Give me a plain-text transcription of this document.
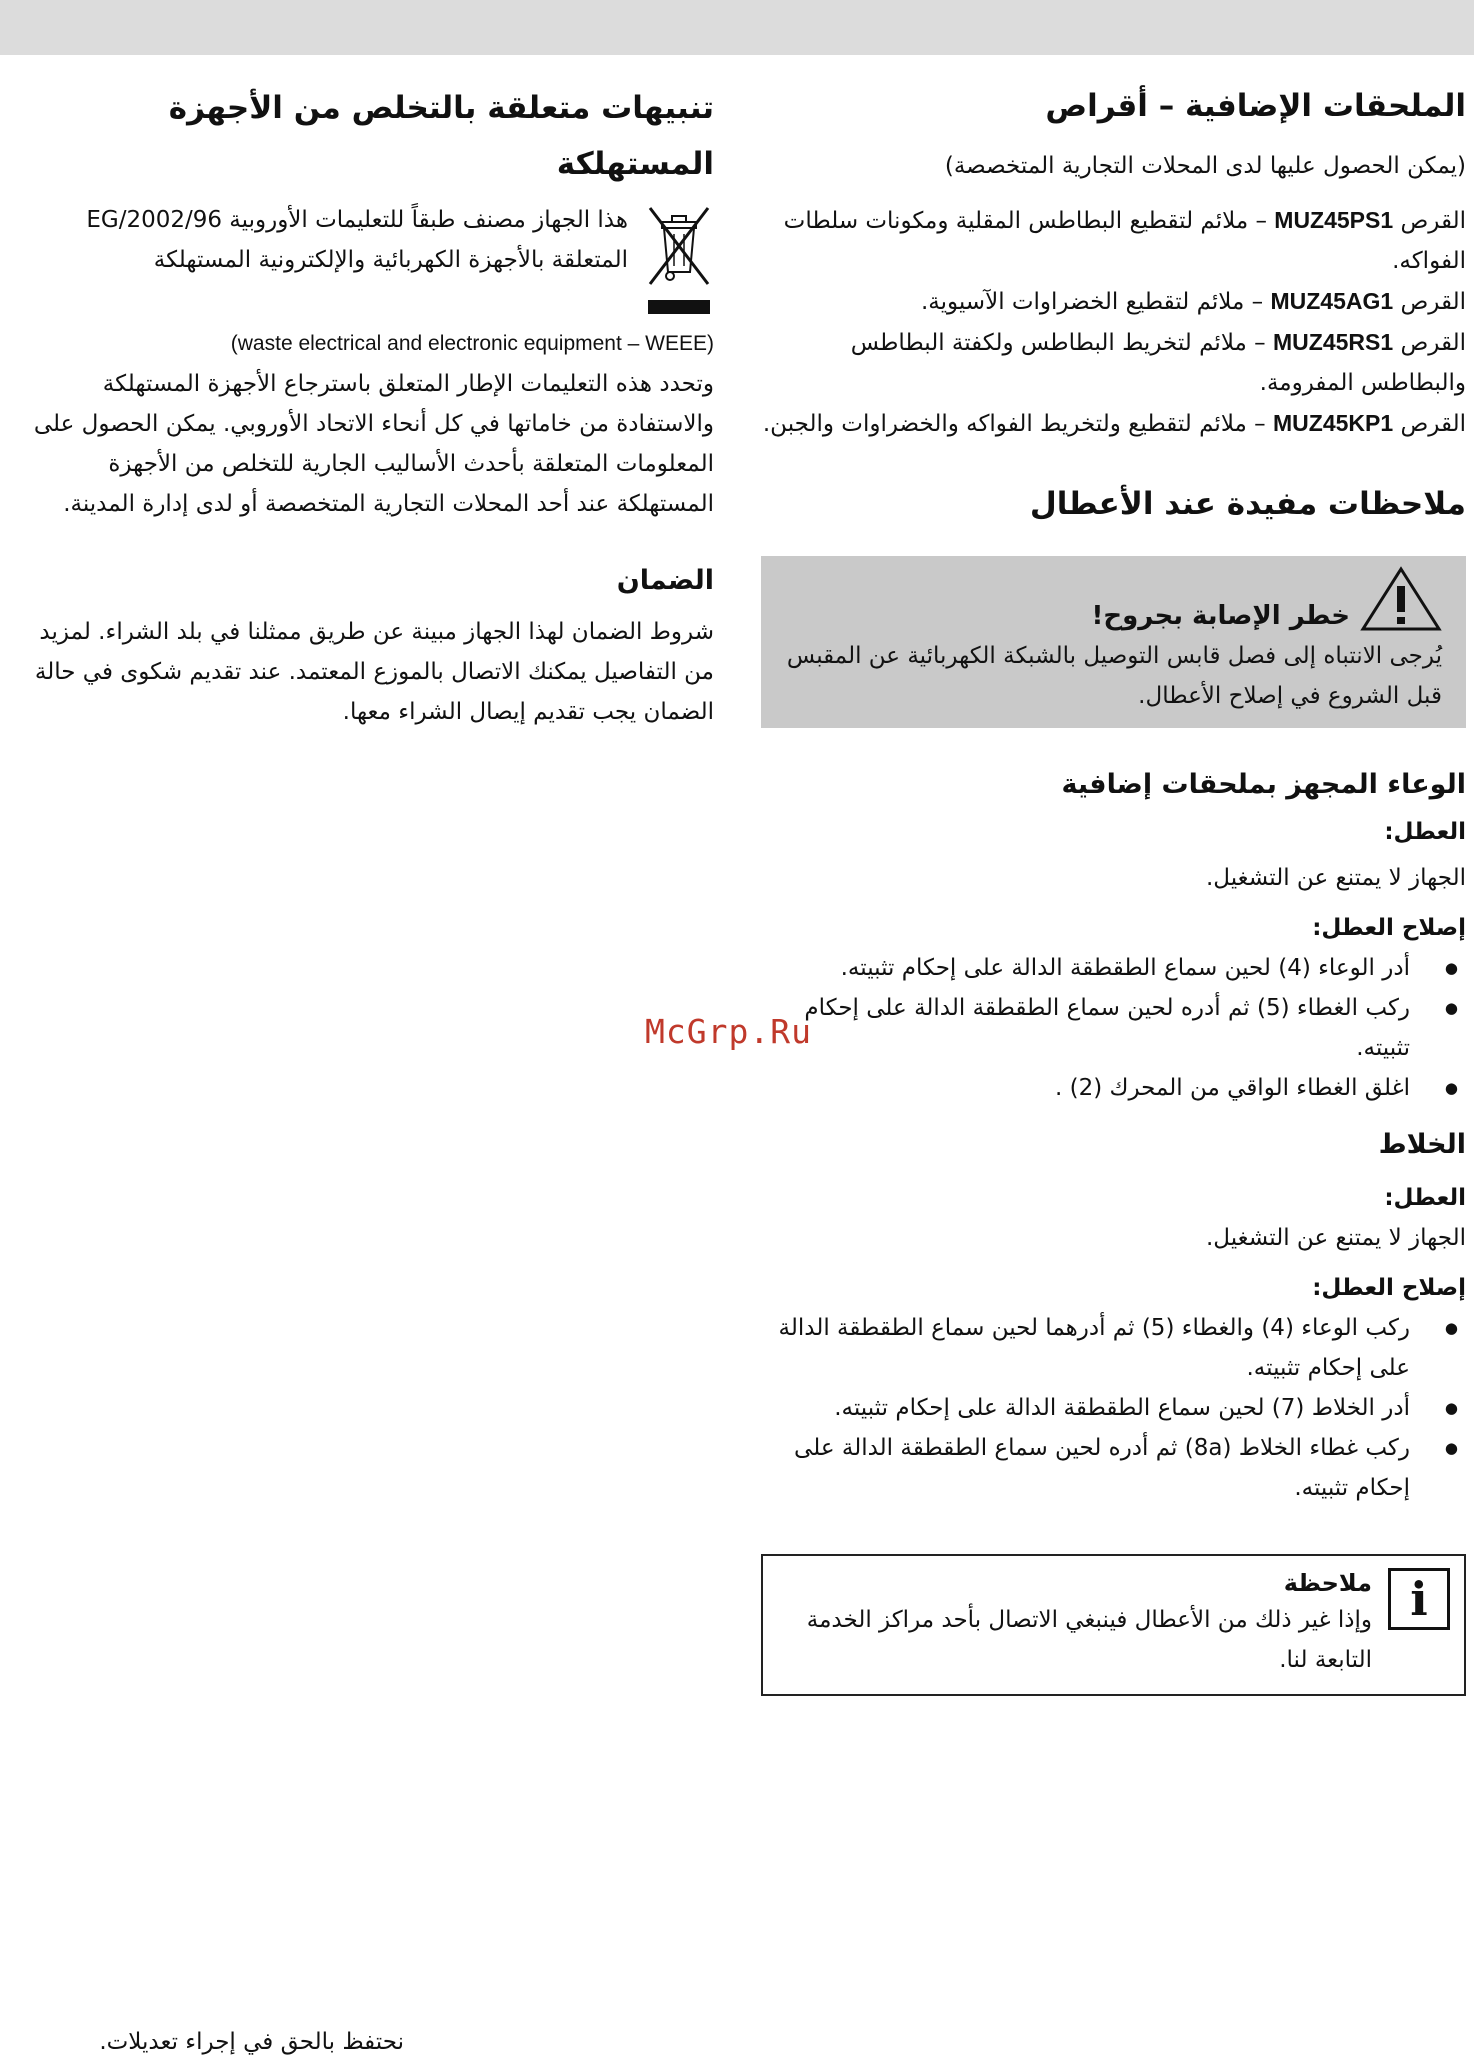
الملحقات الإضافية – أقراص

(يمكن الحصول عليها لدى المحلات التجارية المتخصصة)

القرص MUZ45PS1 – ملائم لتقطيع البطاطس المقلية ومكونات سلطات الفواكه.

القرص MUZ45AG1 – ملائم لتقطيع الخضراوات الآسيوية.

القرص MUZ45RS1 – ملائم لتخريط البطاطس ولكفتة البطاطس والبطاطس المفرومة.

القرص MUZ45KP1 – ملائم لتقطيع ولتخريط الفواكه والخضراوات والجبن.

ملاحظات مفيدة عند الأعطال
خطر الإصابة بجروح!

يُرجى الانتباه إلى فصل قابس التوصيل بالشبكة الكهربائية عن المقبس قبل الشروع في إصلاح الأعطال.

الوعاء المجهز بملحقات إضافية

العطل:

الجهاز لا يمتنع عن التشغيل.

إصلاح العطل:

● أدر الوعاء (4) لحين سماع الطقطقة الدالة على إحكام تثبيته.
● ركب الغطاء (5) ثم أدره لحين سماع الطقطقة الدالة على إحكام تثبيته.
● اغلق الغطاء الواقي من المحرك (2) .
الخلاط

العطل:

الجهاز لا يمتنع عن التشغيل.

إصلاح العطل:

● ركب الوعاء (4) والغطاء (5) ثم أدرهما لحين سماع الطقطقة الدالة على إحكام تثبيته.
● أدر الخلاط (7) لحين سماع الطقطقة الدالة على إحكام تثبيته.
● ركب غطاء الخلاط (8a) ثم أدره لحين سماع الطقطقة الدالة على إحكام تثبيته.
i
ملاحظة

وإذا غير ذلك من الأعطال فينبغي الاتصال بأحد مراكز الخدمة التابعة لنا.

تنبيهات متعلقة بالتخلص من الأجهزة المستهلكة

هذا الجهاز مصنف طبقاً للتعليمات الأوروبية 2002/96/EG المتعلقة بالأجهزة الكهربائية والإلكترونية المستهلكة

(waste electrical and electronic equipment – WEEE)

وتحدد هذه التعليمات الإطار المتعلق باسترجاع الأجهزة المستهلكة والاستفادة من خاماتها في كل أنحاء الاتحاد الأوروبي. يمكن الحصول على المعلومات المتعلقة بأحدث الأساليب الجارية للتخلص من الأجهزة المستهلكة عند أحد المحلات التجارية المتخصصة أو لدى إدارة المدينة.

الضمان

شروط الضمان لهذا الجهاز مبينة عن طريق ممثلنا في بلد الشراء. لمزيد من التفاصيل يمكنك الاتصال بالموزع المعتمد. عند تقديم شكوى في حالة الضمان يجب تقديم إيصال الشراء معها.

McGrp.Ru
نحتفظ بالحق في إجراء تعديلات.
